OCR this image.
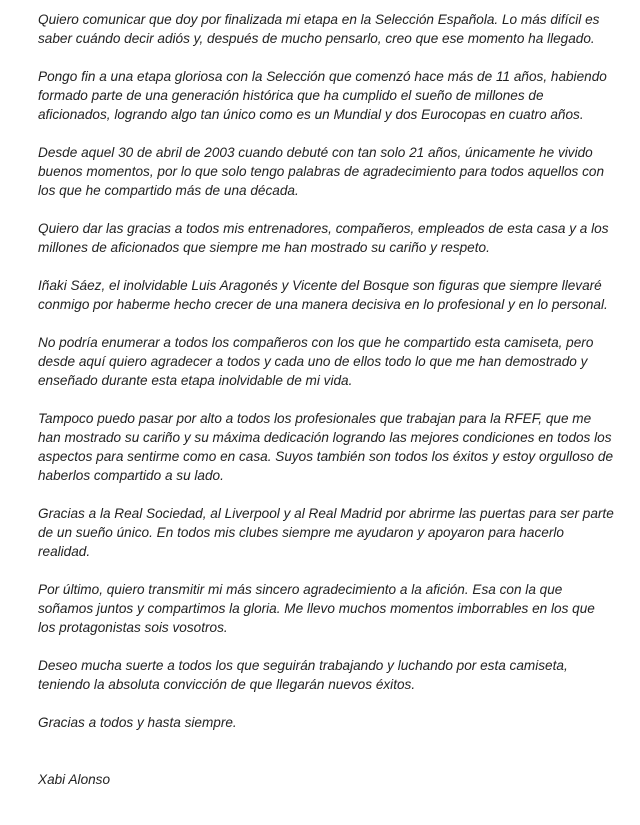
Quiero comunicar que doy por finalizada mi etapa en la Selección Española. Lo más difícil es saber cuándo decir adiós y, después de mucho pensarlo, creo que ese momento ha llegado.

Pongo fin a una etapa gloriosa con la Selección que comenzó hace más de 11 años, habiendo formado parte de una generación histórica que ha cumplido el sueño de millones de aficionados, logrando algo tan único como es un Mundial y dos Eurocopas en cuatro años.

Desde aquel 30 de abril de 2003 cuando debuté con tan solo 21 años, únicamente he vivido buenos momentos, por lo que solo tengo palabras de agradecimiento para todos aquellos con los que he compartido más de una década.

Quiero dar las gracias a todos mis entrenadores, compañeros, empleados de esta casa y a los millones de aficionados que siempre me han mostrado su cariño y respeto.

Iñaki Sáez, el inolvidable Luis Aragonés y Vicente del Bosque son figuras que siempre llevaré conmigo por haberme hecho crecer de una manera decisiva en lo profesional y en lo personal.

No podría enumerar a todos los compañeros con los que he compartido esta camiseta, pero desde aquí quiero agradecer a todos y cada uno de ellos todo lo que me han demostrado y enseñado durante esta etapa inolvidable de mi vida.

Tampoco puedo pasar por alto a todos los profesionales que trabajan para la RFEF, que me han mostrado su cariño y su máxima dedicación logrando las mejores condiciones en todos los aspectos para sentirme como en casa. Suyos también son todos los éxitos y estoy orgulloso de haberlos compartido a su lado.

Gracias a la Real Sociedad, al Liverpool y al Real Madrid por abrirme las puertas para ser parte de un sueño único. En todos mis clubes siempre me ayudaron y apoyaron para hacerlo realidad.

Por último, quiero transmitir mi más sincero agradecimiento a la afición. Esa con la que soñamos juntos y compartimos la gloria. Me llevo muchos momentos imborrables en los que los protagonistas sois vosotros.

Deseo mucha suerte a todos los que seguirán trabajando y luchando por esta camiseta, teniendo la absoluta convicción de que llegarán nuevos éxitos.

Gracias a todos y hasta siempre.

Xabi Alonso
